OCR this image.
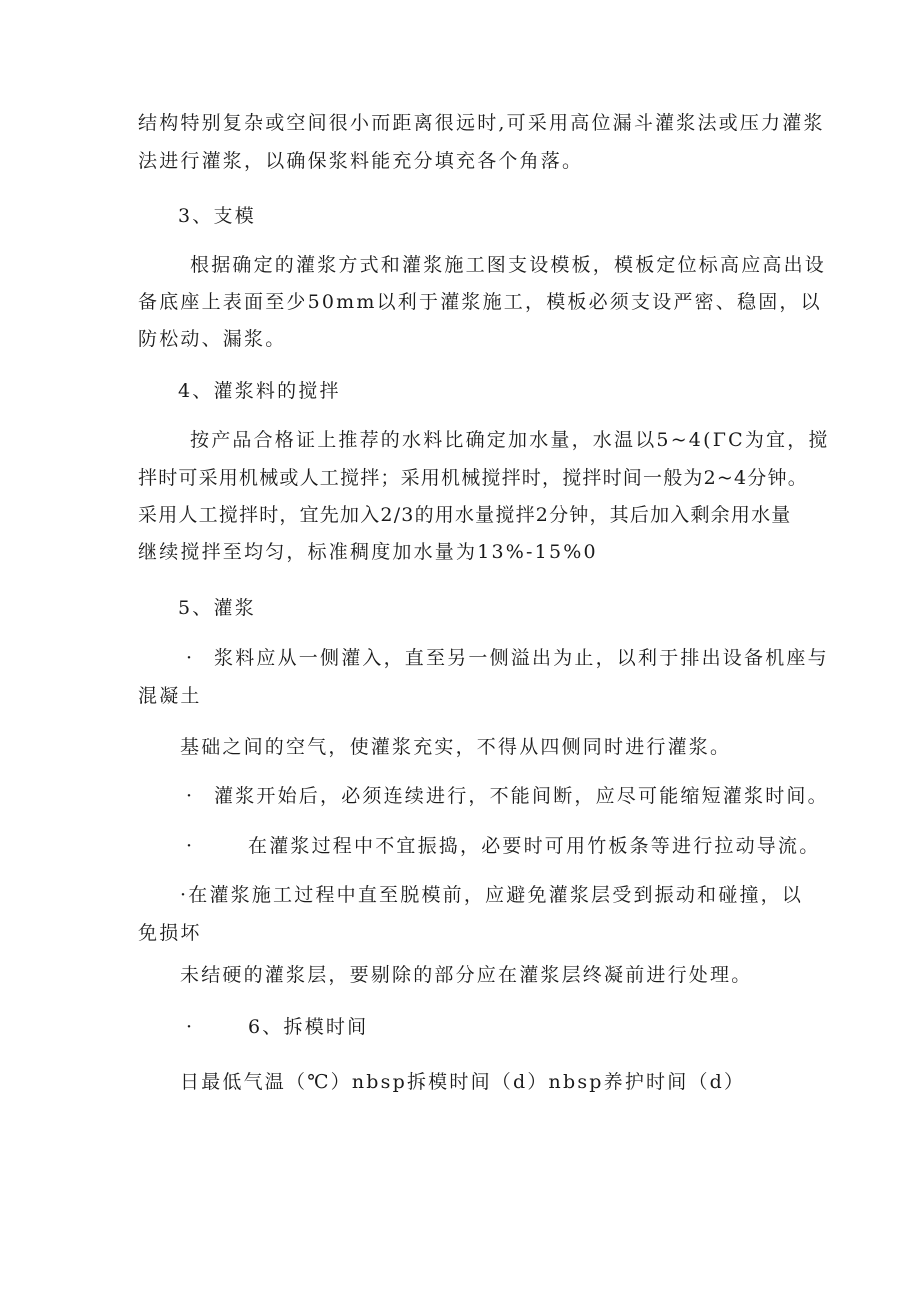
结构特别复杂或空间很小而距离很远时,可采用高位漏斗灌浆法或压力灌浆
法进行灌浆，以确保浆料能充分填充各个角落。
3、支模
根据确定的灌浆方式和灌浆施工图支设模板，模板定位标高应高出设
备底座上表面至少50mm以利于灌浆施工，模板必须支设严密、稳固，以
防松动、漏浆。
4、灌浆料的搅拌
按产品合格证上推荐的水料比确定加水量，水温以5~4(ΓC为宜，搅
拌时可采用机械或人工搅拌；采用机械搅拌时，搅拌时间一般为2~4分钟。
采用人工搅拌时，宜先加入2/3的用水量搅拌2分钟，其后加入剩余用水量
继续搅拌至均匀，标准稠度加水量为13%-15%0
5、灌浆
· 浆料应从一侧灌入，直至另一侧溢出为止，以利于排出设备机座与
混凝土
基础之间的空气，使灌浆充实，不得从四侧同时进行灌浆。
· 灌浆开始后，必须连续进行，不能间断，应尽可能缩短灌浆时间。
·	在灌浆过程中不宜振捣，必要时可用竹板条等进行拉动导流。
·在灌浆施工过程中直至脱模前，应避免灌浆层受到振动和碰撞，以
免损坏
未结硬的灌浆层，要剔除的部分应在灌浆层终凝前进行处理。
·	6、拆模时间
日最低气温（℃）nbsp拆模时间（d）nbsp养护时间（d）
